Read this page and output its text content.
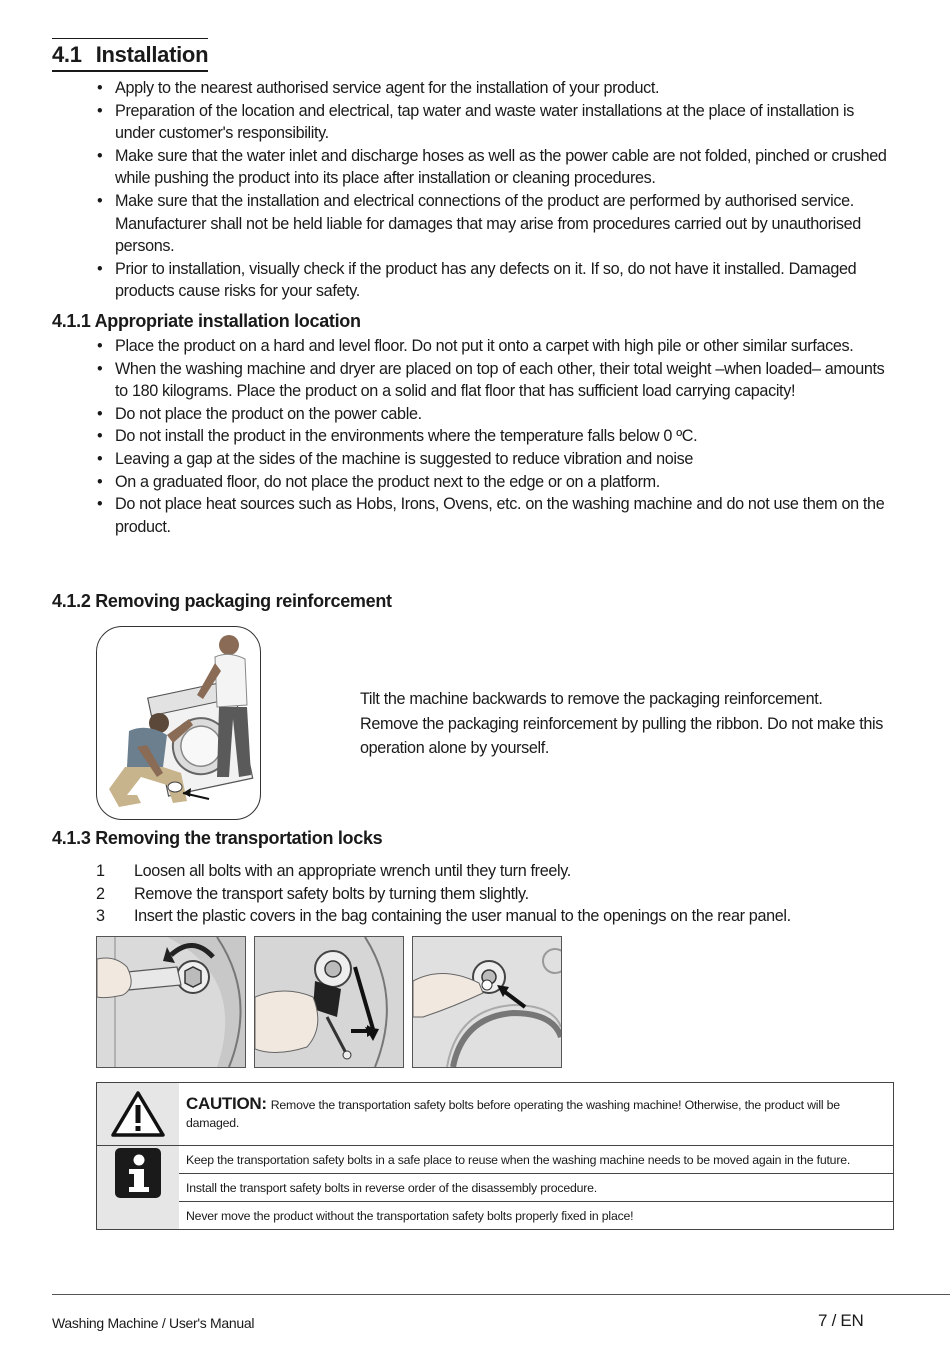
4.1 Installation
• Apply to the nearest authorised service agent for the installation of your product.
• Preparation of the location and electrical, tap water and waste water installations at the place of installation is under customer's responsibility.
• Make sure that the water inlet and discharge hoses as well as the power cable are not folded, pinched or crushed while pushing the product into its place after installation or cleaning procedures.
• Make sure that the installation and electrical connections of the product are performed by authorised service. Manufacturer shall not be held liable for damages that may arise from procedures carried out by unauthorised persons.
• Prior to installation, visually check if the product has any defects on it. If so, do not have it installed. Damaged products cause risks for your safety.
4.1.1 Appropriate installation location
• Place the product on a hard and level floor. Do not put it onto a carpet with high pile or other similar surfaces.
• When the washing machine and dryer are placed on top of each other, their total weight –when loaded– amounts to 180 kilograms. Place the product on a solid and flat floor that has sufficient load carrying capacity!
• Do not place the product on the power cable.
• Do not install the product in the environments where the temperature falls below 0 ºC.
• Leaving a gap at the sides of the machine is suggested to reduce vibration and noise
• On a graduated floor, do not place the product next to the edge or on a platform.
• Do not place heat sources such as Hobs, Irons, Ovens, etc. on the washing machine and do not use them on the product.
4.1.2 Removing packaging reinforcement

Tilt the machine backwards to remove the packaging reinforcement.

Remove the packaging reinforcement by pulling the ribbon. Do not make this operation alone by yourself.

4.1.3 Removing the transportation locks
1	Loosen all bolts with an appropriate wrench until they turn freely.
2	Remove the transport safety bolts by turning them slightly.
3	Insert the plastic covers in the bag containing the user manual to the openings on the rear panel.
CAUTION: Remove the transportation safety bolts before operating the washing machine! Otherwise, the product will be damaged.
Keep the transportation safety bolts in a safe place to reuse when the washing machine needs to be moved again in the future.
Install the transport safety bolts in reverse order of the disassembly procedure.
Never move the product without the transportation safety bolts properly fixed in place!
Washing Machine / User's Manual	7 / EN
